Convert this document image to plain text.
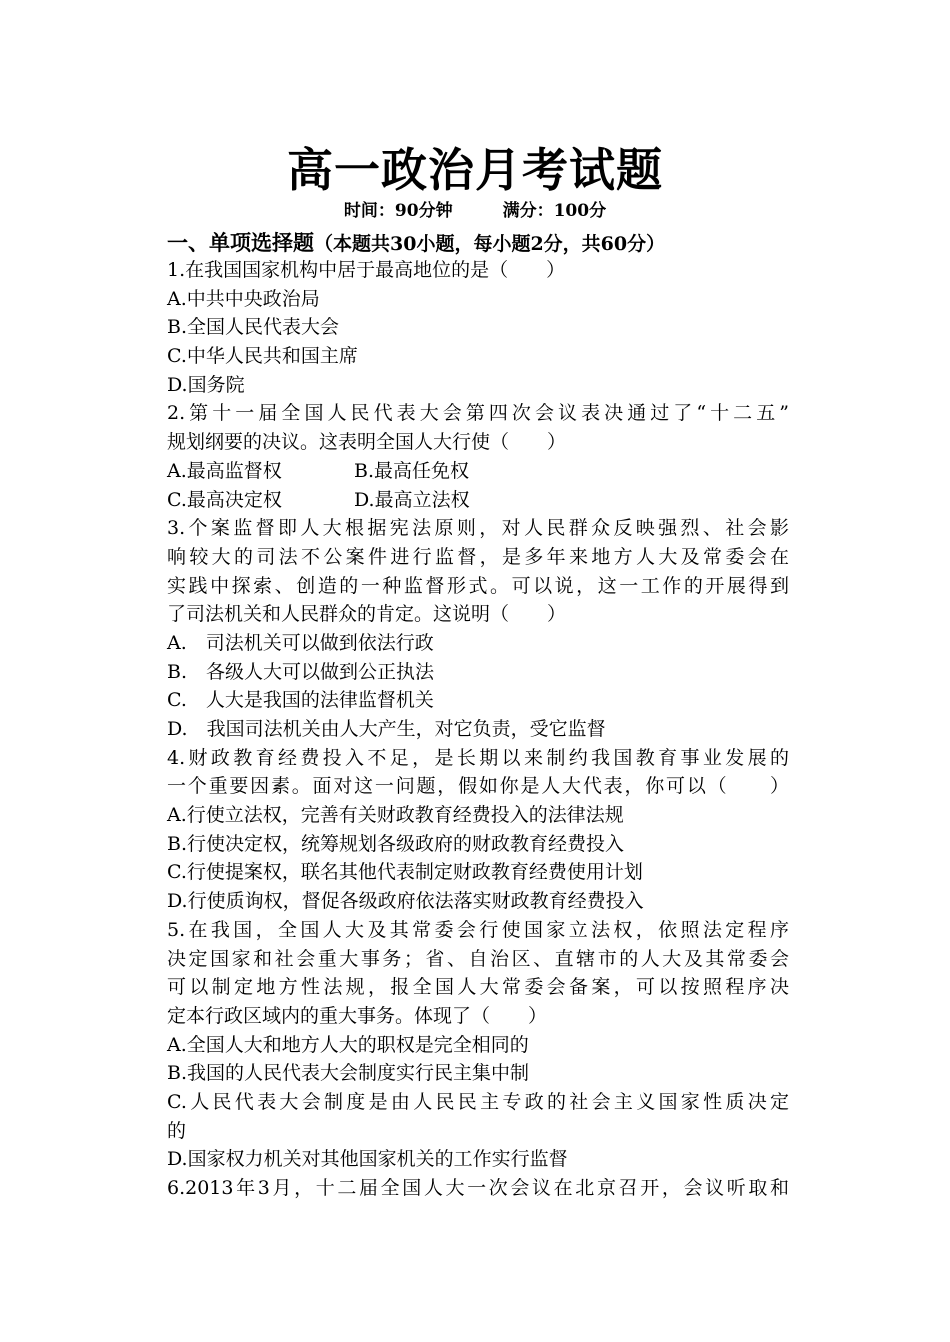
高一政治月考试题
时间：90分钟	满分：100分
一、单项选择题（本题共30小题，每小题2分，共60分）
1.在我国国家机构中居于最高地位的是（　　）
A.中共中央政治局
B.全国人民代表大会
C.中华人民共和国主席
D.国务院
2.第十一届全国人民代表大会第四次会议表决通过了“十二五”
规划纲要的决议。这表明全国人大行使（　　）
A.最高监督权	B.最高任免权
C.最高决定权	D.最高立法权
3.个案监督即人大根据宪法原则，对人民群众反映强烈、社会影
响较大的司法不公案件进行监督，是多年来地方人大及常委会在
实践中探索、创造的一种监督形式。可以说，这一工作的开展得到
了司法机关和人民群众的肯定。这说明（　　）
A.　司法机关可以做到依法行政
B.　各级人大可以做到公正执法
C.　人大是我国的法律监督机关
D.　我国司法机关由人大产生，对它负责，受它监督
4.财政教育经费投入不足，是长期以来制约我国教育事业发展的
一个重要因素。面对这一问题，假如你是人大代表，你可以（　　）
A.行使立法权，完善有关财政教育经费投入的法律法规
B.行使决定权，统筹规划各级政府的财政教育经费投入
C.行使提案权，联名其他代表制定财政教育经费使用计划
D.行使质询权，督促各级政府依法落实财政教育经费投入
5.在我国，全国人大及其常委会行使国家立法权，依照法定程序
决定国家和社会重大事务；省、自治区、直辖市的人大及其常委会
可以制定地方性法规，报全国人大常委会备案，可以按照程序决
定本行政区域内的重大事务。体现了（　　）
A.全国人大和地方人大的职权是完全相同的
B.我国的人民代表大会制度实行民主集中制
C.人民代表大会制度是由人民民主专政的社会主义国家性质决定
的
D.国家权力机关对其他国家机关的工作实行监督
6.2013年3月，十二届全国人大一次会议在北京召开，会议听取和
